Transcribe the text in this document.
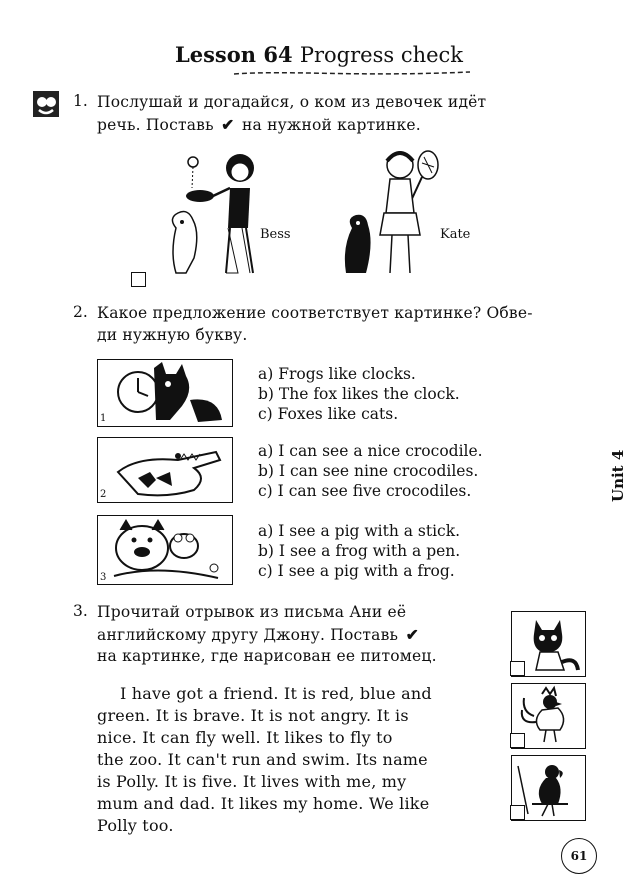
Lesson 64 Progress check
1. Послушай и догадайся, о ком из девочек идёт
речь. Поставь ✔ на нужной картинке.
Bess	Kate
2. Какое предложение соответствует картинке? Обве-
ди нужную букву.
1
a) Frogs like clocks.
b) The fox likes the clock.
c) Foxes like cats.
2
a) I can see a nice crocodile.
b) I can see nine crocodiles.
c) I can see five crocodiles.
3
a) I see a pig with a stick.
b) I see a frog with a pen.
c) I see a pig with a frog.
Unit 4
3. Прочитай отрывок из письма Ани её
английскому другу Джону. Поставь ✔
на картинке, где нарисован ее питомец.
I have got a friend. It is red, blue and
green. It is brave. It is not angry. It is
nice. It can fly well. It likes to fly to
the zoo. It can't run and swim. Its name
is Polly. It is five. It lives with me, my
mum and dad. It likes my home. We like
Polly too.
61
